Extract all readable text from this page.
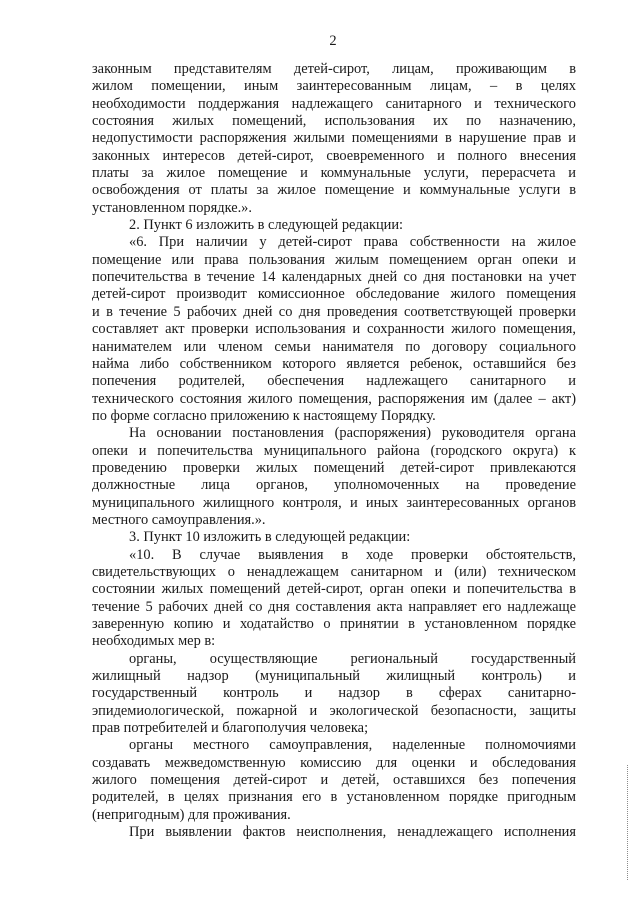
2
законным представителям детей-сирот, лицам, проживающим в
жилом помещении, иным заинтересованным лицам, – в целях
необходимости поддержания надлежащего санитарного и технического
состояния жилых помещений, использования их по назначению,
недопустимости распоряжения жилыми помещениями в нарушение прав и
законных интересов детей-сирот, своевременного и полного внесения
платы за жилое помещение и коммунальные услуги, перерасчета и
освобождения от платы за жилое помещение и коммунальные услуги в
установленном порядке.».
2. Пункт 6 изложить в следующей редакции:
«6. При наличии у детей-сирот права собственности на жилое
помещение или права пользования жилым помещением орган опеки и
попечительства в течение 14 календарных дней со дня постановки на учет
детей-сирот производит комиссионное обследование жилого помещения
и в течение 5 рабочих дней со дня проведения соответствующей проверки
составляет акт проверки использования и сохранности жилого помещения,
нанимателем или членом семьи нанимателя по договору социального
найма либо собственником которого является ребенок, оставшийся без
попечения родителей, обеспечения надлежащего санитарного и
технического состояния жилого помещения, распоряжения им (далее – акт)
по форме согласно приложению к настоящему Порядку.
На основании постановления (распоряжения) руководителя органа
опеки и попечительства муниципального района (городского округа) к
проведению проверки жилых помещений детей-сирот привлекаются
должностные лица органов, уполномоченных на проведение
муниципального жилищного контроля, и иных заинтересованных органов
местного самоуправления.».
3. Пункт 10 изложить в следующей редакции:
«10. В случае выявления в ходе проверки обстоятельств,
свидетельствующих о ненадлежащем санитарном и (или) техническом
состоянии жилых помещений детей-сирот, орган опеки и попечительства в
течение 5 рабочих дней со дня составления акта направляет его надлежаще
заверенную копию и ходатайство о принятии в установленном порядке
необходимых мер в:
органы, осуществляющие региональный государственный
жилищный надзор (муниципальный жилищный контроль) и
государственный контроль и надзор в сферах санитарно-
эпидемиологической, пожарной и экологической безопасности, защиты
прав потребителей и благополучия человека;
органы местного самоуправления, наделенные полномочиями
создавать межведомственную комиссию для оценки и обследования
жилого помещения детей-сирот и детей, оставшихся без попечения
родителей, в целях признания его в установленном порядке пригодным
(непригодным) для проживания.
При выявлении фактов неисполнения, ненадлежащего исполнения
